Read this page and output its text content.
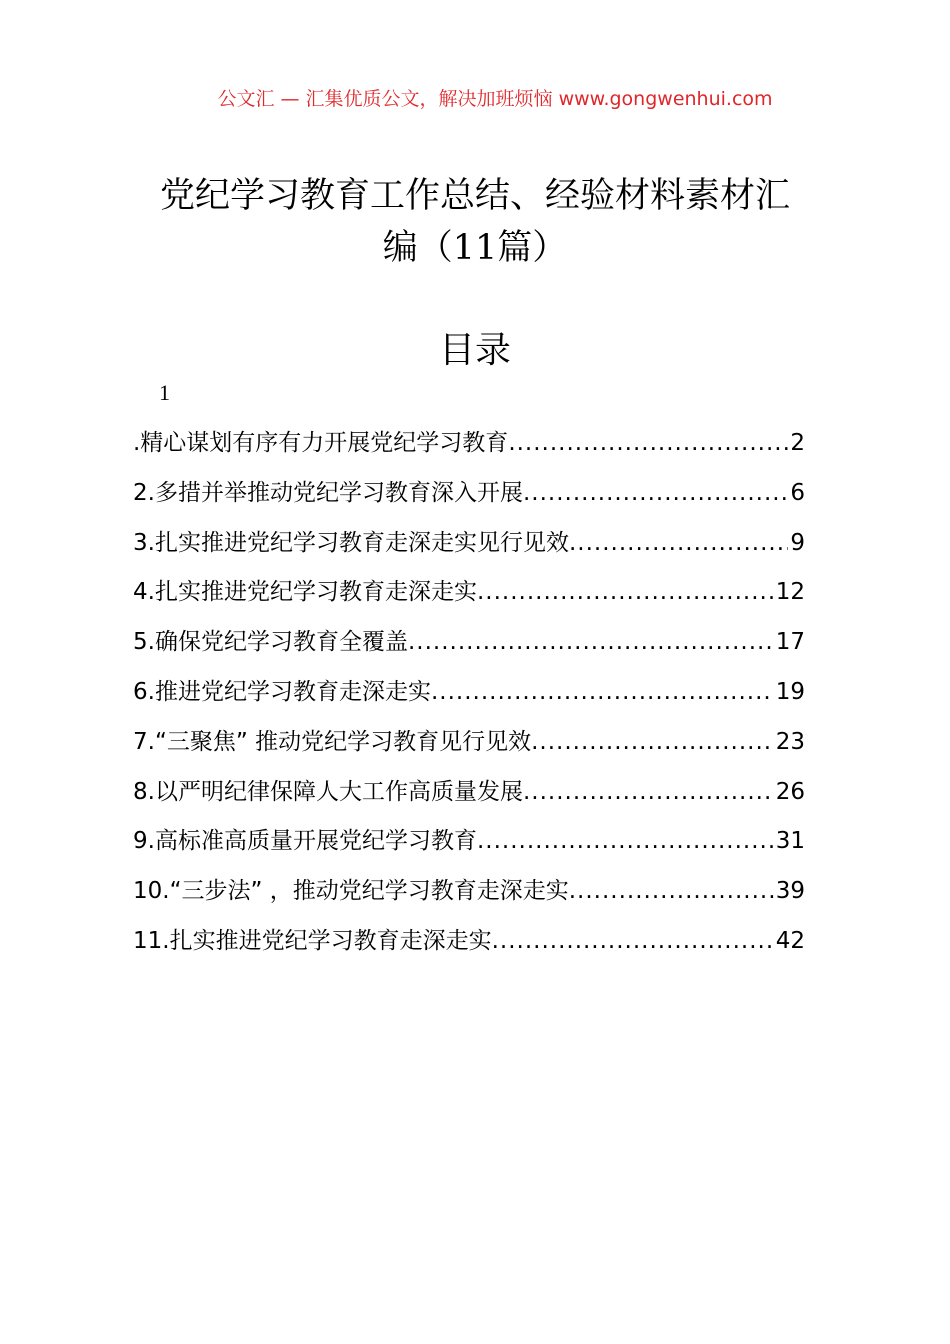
公文汇 — 汇集优质公文，解决加班烦恼 www.gongwenhui.com
党纪学习教育工作总结、经验材料素材汇
编（11篇）
目录
1
.精心谋划有序有力开展党纪学习教育 .....	2
2.多措并举推动党纪学习教育深入开展 .....	6
3.扎实推进党纪学习教育走深走实见行见效 .....	9
4.扎实推进党纪学习教育走深走实 .....	12
5.确保党纪学习教育全覆盖 .....	17
6.推进党纪学习教育走深走实 .....	19
7.“三聚焦” 推动党纪学习教育见行见效 .....	23
8.以严明纪律保障人大工作高质量发展 .....	26
9.高标准高质量开展党纪学习教育 .....	31
10.“三步法” ，推动党纪学习教育走深走实 .....	39
11.扎实推进党纪学习教育走深走实 .....	42
